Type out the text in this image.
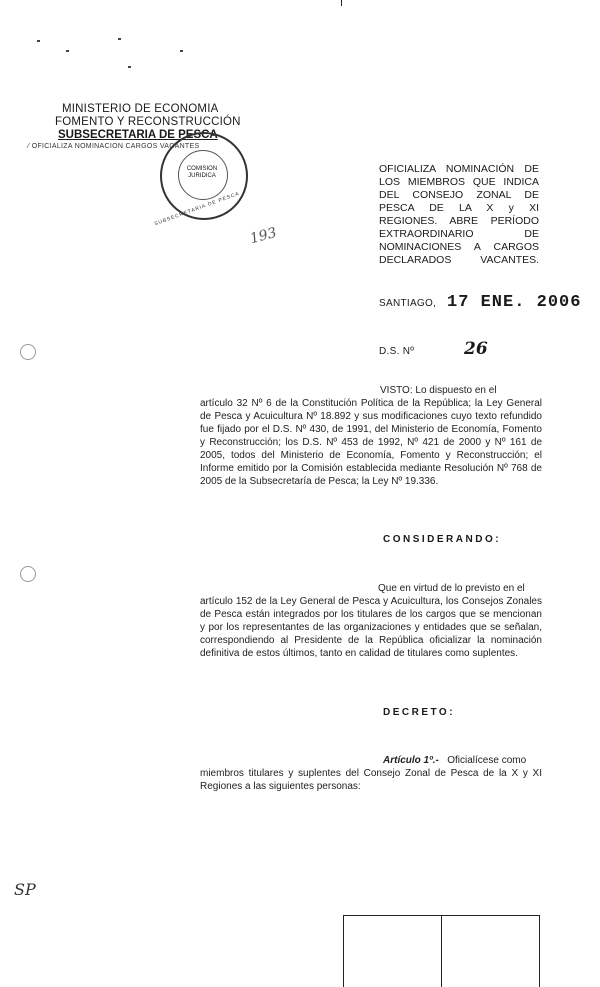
MINISTERIO DE ECONOMIA
FOMENTO Y RECONSTRUCCIÓN
SUBSECRETARIA DE PESCA
⁄ OFICIALIZA NOMINACION CARGOS VACANTES
COMISION JURIDICA
SUBSECRETARIA DE PESCA
193
OFICIALIZA NOMINACIÓN DE
LOS MIEMBROS QUE INDICA
DEL CONSEJO ZONAL DE
PESCA DE LA X y XI
REGIONES. ABRE PERÍODO
EXTRAORDINARIO DE
NOMINACIONES A CARGOS
DECLARADOS VACANTES.
SANTIAGO, 17 ENE. 2006
D.S. Nº	26
VISTO: Lo dispuesto en el
artículo 32 Nº 6 de la Constitución Política de la República; la Ley General de Pesca y Acuicultura Nº 18.892 y sus modificaciones cuyo texto refundido fue fijado por el D.S. Nº 430, de 1991, del Ministerio de Economía, Fomento y Reconstrucción; los D.S. Nº 453 de 1992, Nº 421 de 2000 y Nº 161 de 2005, todos del Ministerio de Economía, Fomento y Reconstrucción; el Informe emitido por la Comisión establecida mediante Resolución Nº 768 de 2005 de la Subsecretaría de Pesca; la Ley Nº 19.336.
CONSIDERANDO:
Que en virtud de lo previsto en el
artículo 152 de la Ley General de Pesca y Acuicultura, los Consejos Zonales de Pesca están integrados por los titulares de los cargos que se mencionan y por los representantes de las organizaciones y entidades que se señalan, correspondiendo al Presidente de la República oficializar la nominación definitiva de estos últimos, tanto en calidad de titulares como suplentes.
DECRETO:
Artículo 1º.- Oficialícese como
miembros titulares y suplentes del Consejo Zonal de Pesca de la X y XI Regiones a las siguientes personas:
SP
